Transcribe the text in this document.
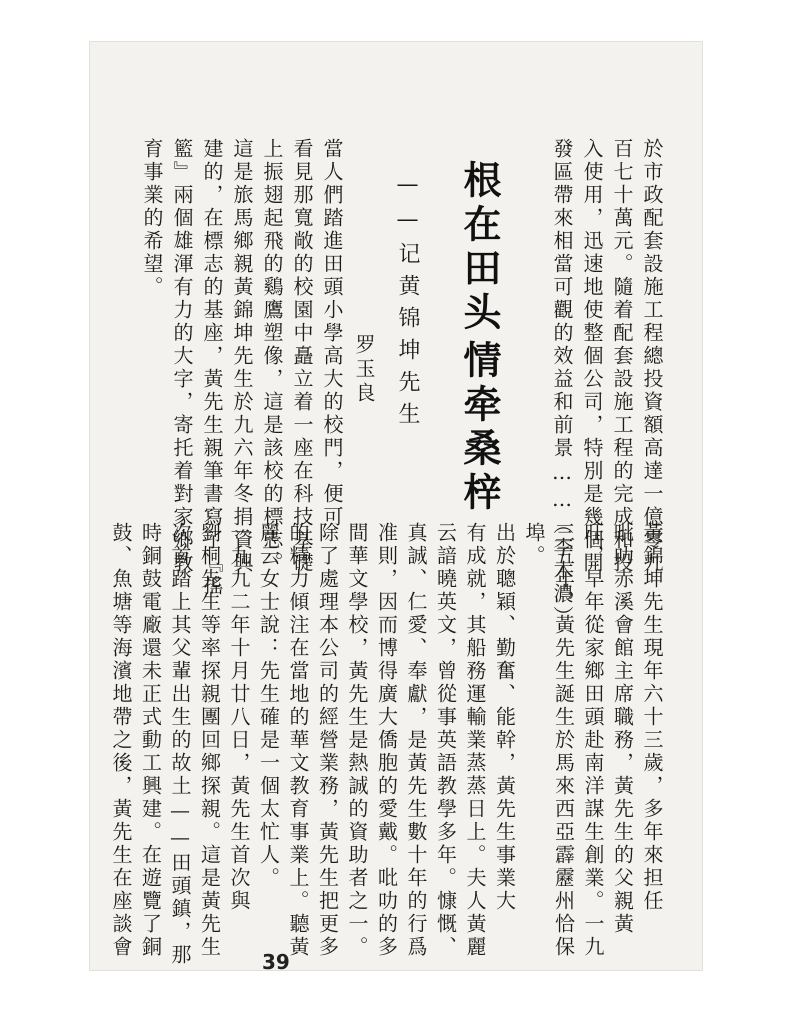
於市政配套設施工程總投資額高達一億零九
百七十萬元。隨着配套設施工程的完成和投
入使用，迅速地使整個公司，特別是幾個開
發區帶來相當可觀的效益和前景……（李木濃）
根在田头
情牵桑梓
——记黄锦坤先生
罗玉良
當人們踏進田頭小學高大的校門，便可
看見那寬敞的校園中矗立着一座在科技基礎
上振翅起飛的鷄鷹塑像，這是該校的標志。
這是旅馬鄉親黃錦坤先生於九六年冬捐資興
建的，在標志的基座，黃先生親筆書寫了『搖
籃』兩個雄渾有力的大字，寄托着對家鄉教
育事業的希望。
黃錦坤先生現年六十三歲，多年來担任
吡叻赤溪會館主席職務，黃先生的父親黃
旺，早年從家鄉田頭赴南洋謀生創業。一九
三五年，黃先生誕生於馬來西亞霹靂州恰保
埠。
出於聰穎、勤奮、能幹，黃先生事業大
有成就，其船務運輸業蒸蒸日上。夫人黃麗
云諳曉英文，曾從事英語教學多年。慷慨、
真誠、仁愛、奉獻，是黃先生數十年的行爲
准則，因而博得廣大僑胞的愛戴。吡叻的多
間華文學校，黃先生是熱誠的資助者之一。
除了處理本公司的經營業務，黃先生把更多
的精力傾注在當地的華文教育事業上。聽黃
麗云女士說：先生確是一個太忙人。
一九九二年十月廿八日，黃先生首次與
劉桐先生等率探親團回鄉探親。這是黃先生
次首踏上其父輩出生的故土——田頭鎮，那
時銅鼓電廠還未正式動工興建。在遊覽了銅
鼓、魚塘等海濱地帶之後，黃先生在座談會
39
